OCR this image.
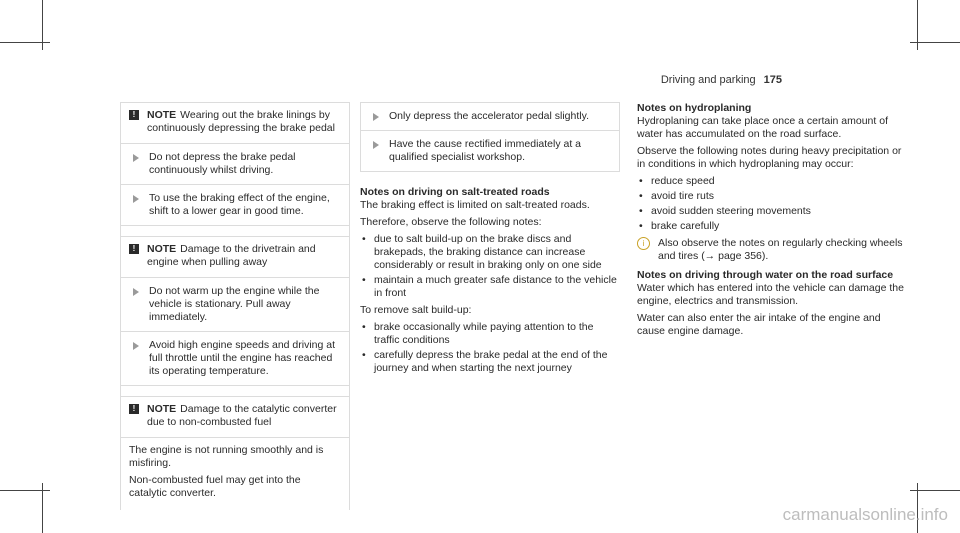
Driving and parking 175
!	NOTE Wearing out the brake linings by continuously depressing the brake pedal
Do not depress the brake pedal continuously whilst driving.
To use the braking effect of the engine, shift to a lower gear in good time.
!	NOTE Damage to the drivetrain and engine when pulling away
Do not warm up the engine while the vehicle is stationary. Pull away immediately.
Avoid high engine speeds and driving at full throttle until the engine has reached its operating temperature.
!	NOTE Damage to the catalytic converter due to non-combusted fuel

The engine is not running smoothly and is misfiring.

Non-combusted fuel may get into the catalytic converter.

Only depress the accelerator pedal slightly.
Have the cause rectified immediately at a qualified specialist workshop.
Notes on driving on salt-treated roads

The braking effect is limited on salt-treated roads.

Therefore, observe the following notes:

• due to salt build-up on the brake discs and brakepads, the braking distance can increase considerably or result in braking only on one side
• maintain a much greater safe distance to the vehicle in front

To remove salt build-up:

• brake occasionally while paying attention to the traffic conditions
• carefully depress the brake pedal at the end of the journey and when starting the next journey
Notes on hydroplaning

Hydroplaning can take place once a certain amount of water has accumulated on the road surface.

Observe the following notes during heavy precipitation or in conditions in which hydroplaning may occur:

• reduce speed
• avoid tire ruts
• avoid sudden steering movements
• brake carefully
i	Also observe the notes on regularly checking wheels and tires (→ page 356).
Notes on driving through water on the road surface

Water which has entered into the vehicle can damage the engine, electrics and transmission.

Water can also enter the air intake of the engine and cause engine damage.

carmanualsonline.info
